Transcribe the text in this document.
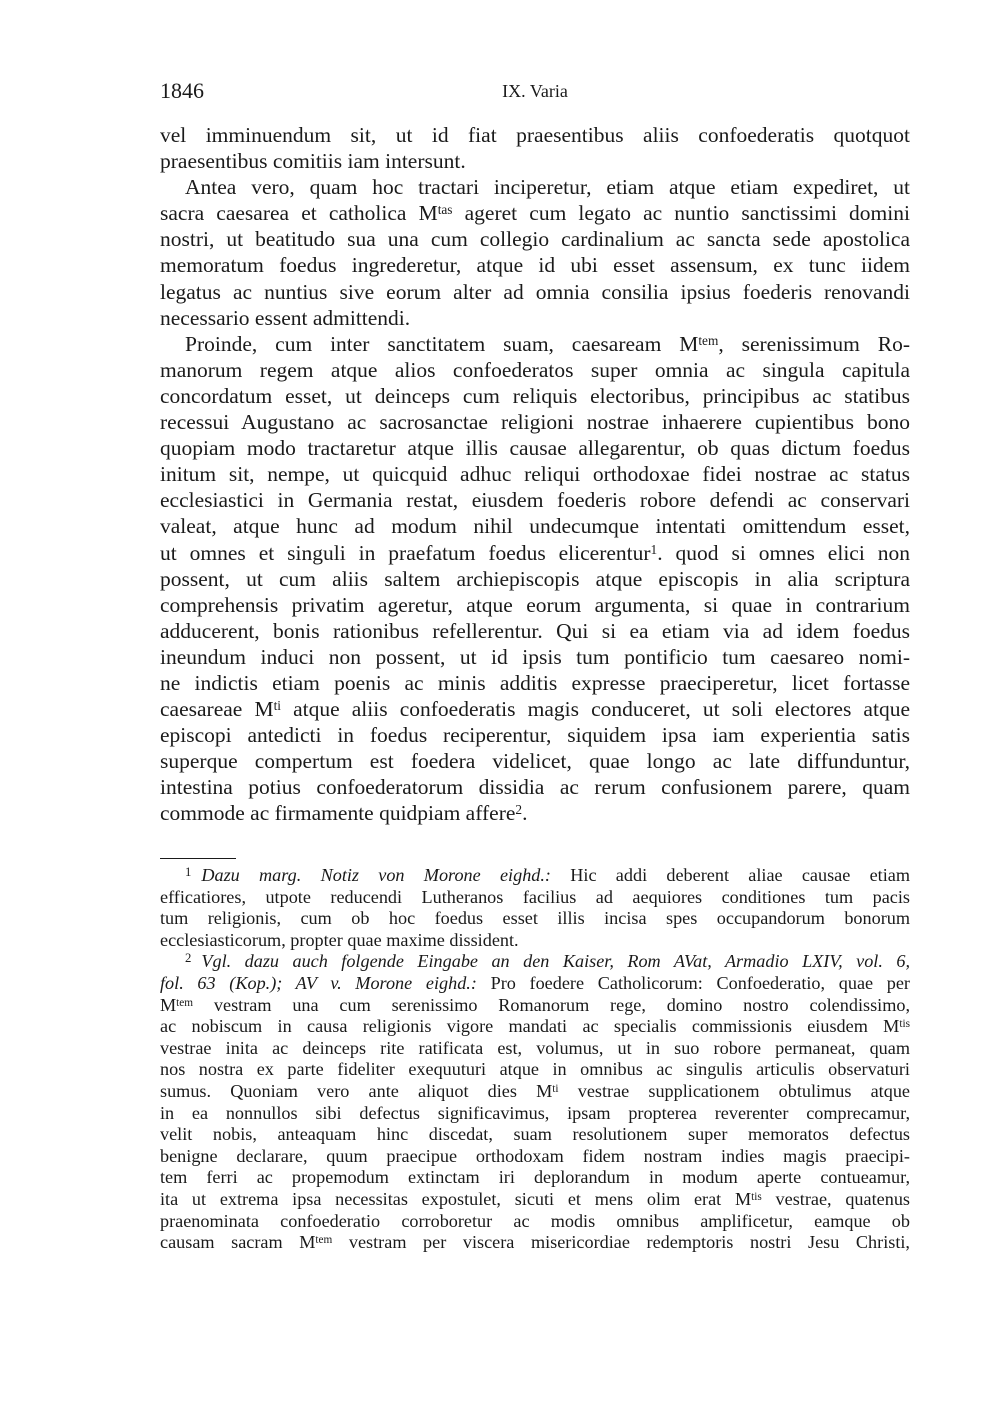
1846	IX. Varia
vel imminuendum sit, ut id fiat praesentibus aliis confoederatis quotquot
praesentibus comitiis iam intersunt.
Antea vero, quam hoc tractari inciperetur, etiam atque etiam expediret, ut
sacra caesarea et catholica $M^{tas}$ ageret cum legato ac nuntio sanctissimi domini
nostri, ut beatitudo sua una cum collegio cardinalium ac sancta sede apostolica
memoratum foedus ingrederetur, atque id ubi esset assensum, ex tunc iidem
legatus ac nuntius sive eorum alter ad omnia consilia ipsius foederis renovandi
necessario essent admittendi.
Proinde, cum inter sanctitatem suam, caesaream $M^{tem}$, serenissimum Ro-
manorum regem atque alios confoederatos super omnia ac singula capitula
concordatum esset, ut deinceps cum reliquis electoribus, principibus ac statibus
recessui Augustano ac sacrosanctae religioni nostrae inhaerere cupientibus bono
quopiam modo tractaretur atque illis causae allegarentur, ob quas dictum foedus
initum sit, nempe, ut quicquid adhuc reliqui orthodoxae fidei nostrae ac status
ecclesiastici in Germania restat, eiusdem foederis robore defendi ac conservari
valeat, atque hunc ad modum nihil undecumque intentati omittendum esset,
ut omnes et singuli in praefatum foedus elicerentur$^1$. quod si omnes elici non
possent, ut cum aliis saltem archiepiscopis atque episcopis in alia scriptura
comprehensis privatim ageretur, atque eorum argumenta, si quae in contrarium
adducerent, bonis rationibus refellerentur. Qui si ea etiam via ad idem foedus
ineundum induci non possent, ut id ipsis tum pontificio tum caesareo nomi-
ne indictis etiam poenis ac minis additis expresse praeciperetur, licet fortasse
caesareae $M^{ti}$ atque aliis confoederatis magis conduceret, ut soli electores atque
episcopi antedicti in foedus reciperentur, siquidem ipsa iam experientia satis
superque compertum est foedera videlicet, quae longo ac late diffunduntur,
intestina potius confoederatorum dissidia ac rerum confusionem parere, quam
commode ac firmamente quidpiam affere$^2$.
$^1$ Dazu marg. Notiz von Morone eighd.: Hic addi deberent aliae causae etiam
efficatiores, utpote reducendi Lutheranos facilius ad aequiores conditiones tum pacis
tum religionis, cum ob hoc foedus esset illis incisa spes occupandorum bonorum
ecclesiasticorum, propter quae maxime dissident.
$^2$ Vgl. dazu auch folgende Eingabe an den Kaiser, Rom AVat, Armadio LXIV, vol. 6,
fol. 63 (Kop.); AV v. Morone eighd.: Pro foedere Catholicorum: Confoederatio, quae per
$M^{tem}$ vestram una cum serenissimo Romanorum rege, domino nostro colendissimo,
ac nobiscum in causa religionis vigore mandati ac specialis commissionis eiusdem $M^{tis}$
vestrae inita ac deinceps rite ratificata est, volumus, ut in suo robore permaneat, quam
nos nostra ex parte fideliter exequuturi atque in omnibus ac singulis articulis observaturi
sumus. Quoniam vero ante aliquot dies $M^{ti}$ vestrae supplicationem obtulimus atque
in ea nonnullos sibi defectus significavimus, ipsam propterea reverenter comprecamur,
velit nobis, anteaquam hinc discedat, suam resolutionem super memoratos defectus
benigne declarare, quum praecipue orthodoxam fidem nostram indies magis praecipi-
tem ferri ac propemodum extinctam iri deplorandum in modum aperte contueamur,
ita ut extrema ipsa necessitas expostulet, sicuti et mens olim erat $M^{tis}$ vestrae, quatenus
praenominata confoederatio corroboretur ac modis omnibus amplificetur, eamque ob
causam sacram $M^{tem}$ vestram per viscera misericordiae redemptoris nostri Jesu Christi,
